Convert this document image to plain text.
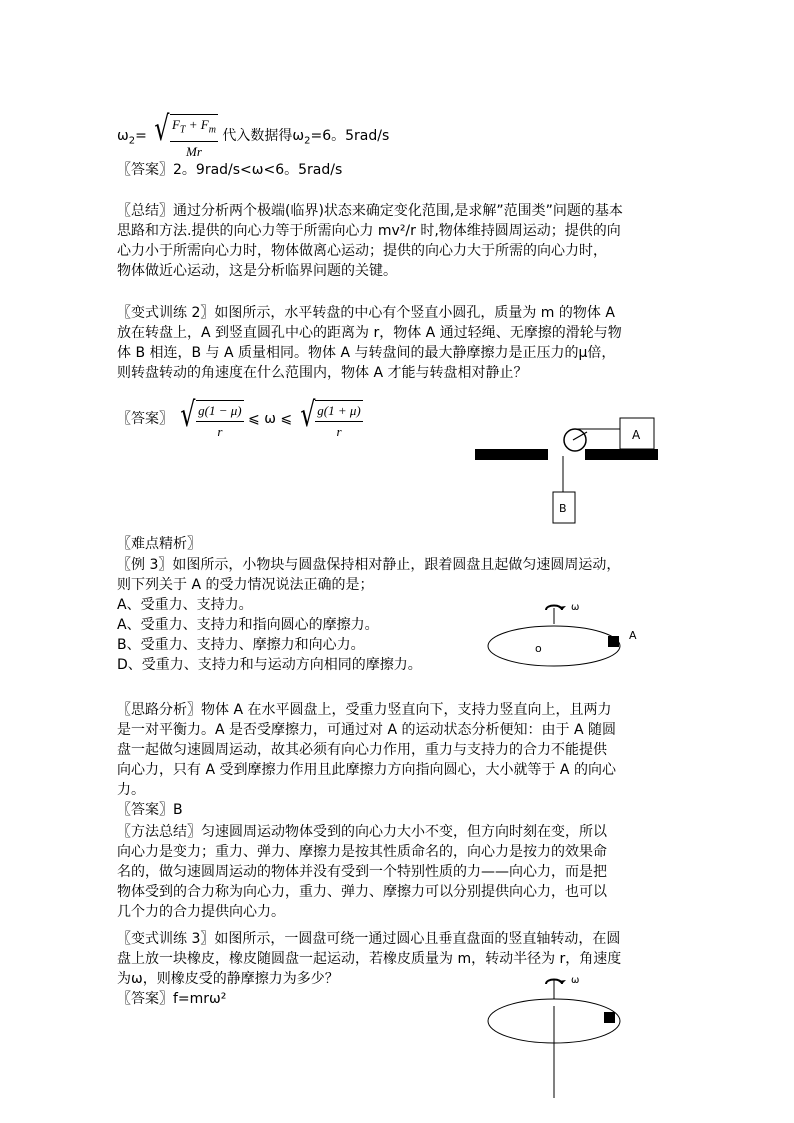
$\omega_2=$ √ $\frac{F_T + F_m}{Mr}$ 代入数据得$\omega_2=6$。5rad/s
〖答案〗2。9rad/s<ω<6。5rad/s
〖总结〗通过分析两个极端(临界)状态来确定变化范围,是求解”范围类”问题的基本
思路和方法.提供的向心力等于所需向心力 mv²/r 时,物体维持圆周运动；提供的向
心力小于所需向心力时，物体做离心运动；提供的向心力大于所需的向心力时，
物体做近心运动，这是分析临界问题的关键。
〖变式训练 2〗如图所示，水平转盘的中心有个竖直小圆孔，质量为 m 的物体 A
放在转盘上，A 到竖直圆孔中心的距离为 r，物体 A 通过轻绳、无摩擦的滑轮与物
体 B 相连，B 与 A 质量相同。物体 A 与转盘间的最大静摩擦力是正压力的μ倍，
则转盘转动的角速度在什么范围内，物体 A 才能与转盘相对静止？
〖答案〗 √ $\frac{g(1 - \mu)}{r}$ ⩽ ω ⩽ √ $\frac{g(1 + \mu)}{r}$	A
B
〖难点精析〗
〖例 3〗如图所示，小物块与圆盘保持相对静止，跟着圆盘且起做匀速圆周运动，
则下列关于 A 的受力情况说法正确的是；
A、受重力、支持力。
A、受重力、支持力和指向圆心的摩擦力。
B、受重力、支持力、摩擦力和向心力。
D、受重力、支持力和与运动方向相同的摩擦力。
ω
A
o
〖思路分析〗物体 A 在水平圆盘上，受重力竖直向下，支持力竖直向上，且两力
是一对平衡力。A 是否受摩擦力，可通过对 A 的运动状态分析便知：由于 A 随圆
盘一起做匀速圆周运动，故其必须有向心力作用，重力与支持力的合力不能提供
向心力，只有 A 受到摩擦力作用且此摩擦力方向指向圆心，大小就等于 A 的向心
力。
〖答案〗B
〖方法总结〗匀速圆周运动物体受到的向心力大小不变，但方向时刻在变，所以
向心力是变力；重力、弹力、摩擦力是按其性质命名的，向心力是按力的效果命
名的，做匀速圆周运动的物体并没有受到一个特别性质的力——向心力，而是把
物体受到的合力称为向心力，重力、弹力、摩擦力可以分别提供向心力，也可以
几个力的合力提供向心力。
〖变式训练 3〗如图所示，一圆盘可绕一通过圆心且垂直盘面的竖直轴转动，在圆
盘上放一块橡皮，橡皮随圆盘一起运动，若橡皮质量为 m，转动半径为 r，角速度
为ω，则橡皮受的静摩擦力为多少？
〖答案〗f=mrω²
ω
